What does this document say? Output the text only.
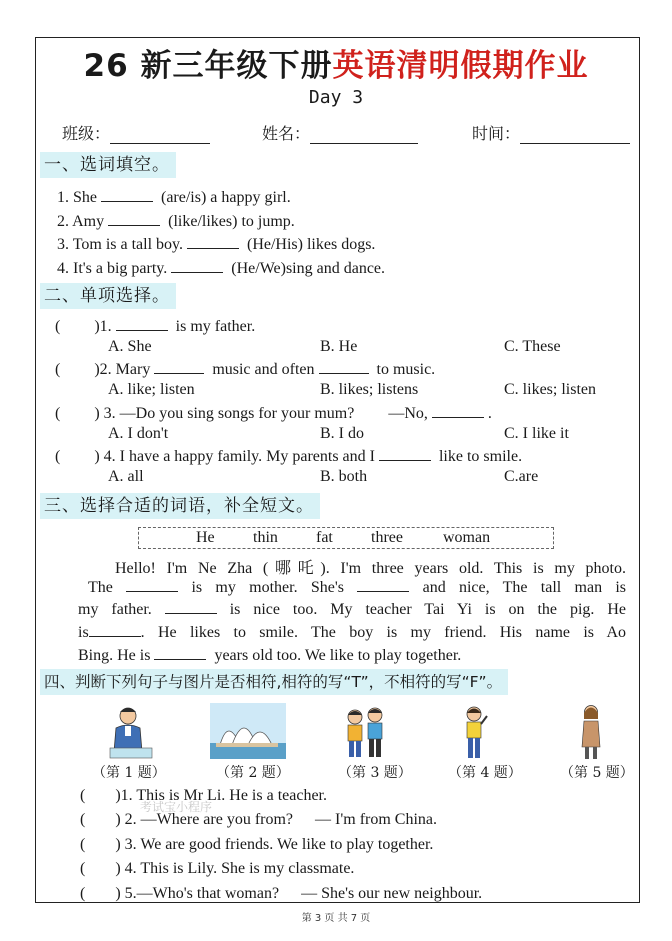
26 新三年级下册英语清明假期作业
Day 3
班级：	姓名：	时间：
一、选词填空。
1. She	(are/is) a happy girl.
2. Amy	(like/likes) to jump.
3. Tom is a tall boy.	(He/His) likes dogs.
4. It's a big party.	(He/We)sing and dance.
二、单项选择。
( )1.	is my father.
A. She	B. He	C. These
( )2. Mary	music and often	to music.
A. like; listen	B. likes; listens	C. likes; listen
( ) 3. —Do you sing songs for your mum? —No,	.
A. I don't	B. I do	C. I like it
( ) 4. I have a happy family. My parents and I	like to smile.
A. all	B. both	C.are
三、选择合适的词语，补全短文。
He thin fat three	woman
Hello! I'm Ne Zha (哪吒). I'm three years old. This is my photo.
The	is my mother. She's	and nice, The tall man is
my father.	is nice too. My teacher Tai Yi is on the pig. He
is	. He likes to smile. The boy is my friend. His name is Ao
Bing. He is	years old too. We like to play together.
四、判断下列句子与图片是否相符,相符的写“T”，不相符的写“F”。
（第 1 题）	（第 2 题）	（第 3 题）	（第 4 题）	（第 5 题）
考试宝小程序
( )1. This is Mr Li. He is a teacher.
( ) 2. —Where are you from? — I'm from China.
( ) 3. We are good friends. We like to play together.
( ) 4. This is Lily. She is my classmate.
( ) 5.—Who's that woman? — She's our new neighbour.
第 3 页 共 7 页
